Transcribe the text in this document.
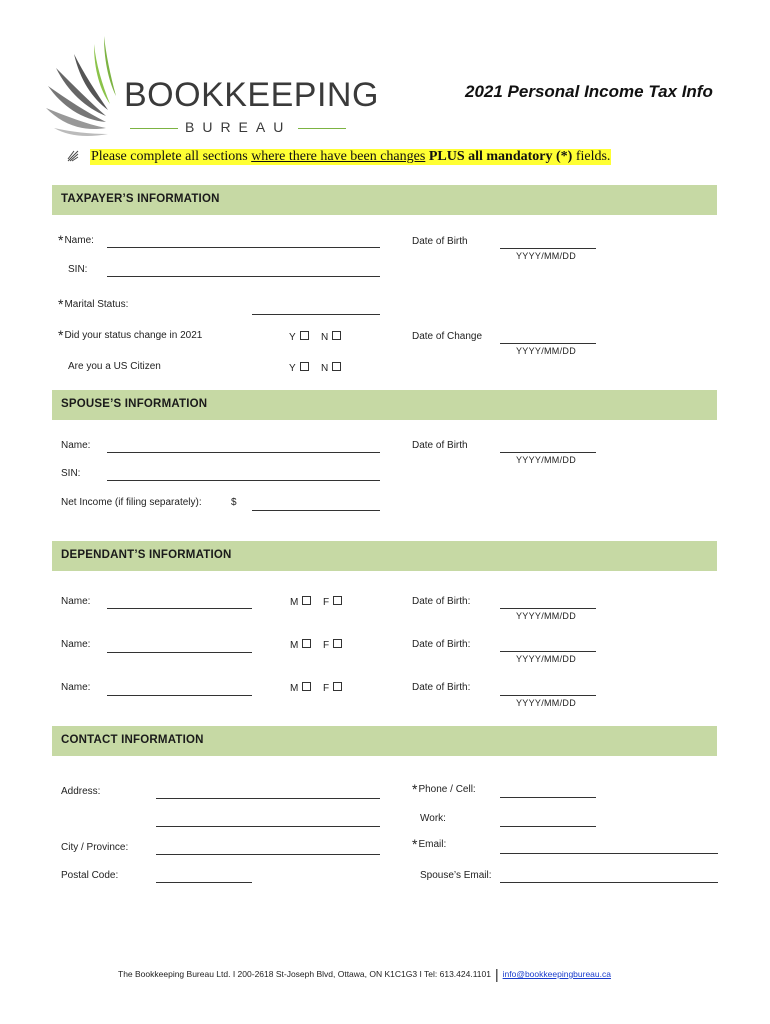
BOOKKEEPING
BUREAU
2021 Personal Income Tax Info
Please complete all sections where there have been changes PLUS all mandatory (*) fields.
TAXPAYER’S INFORMATION
*Name:	Date of Birth
YYYY/MM/DD
SIN:
*Marital Status:
*Did your status change in 2021	Y	N	Date of Change
YYYY/MM/DD
Are you a US Citizen	Y	N
SPOUSE’S INFORMATION
Name:	Date of Birth
YYYY/MM/DD
SIN:
Net Income (if filing separately):	$
DEPENDANT’S INFORMATION
Name:	M	F	Date of Birth:
YYYY/MM/DD
Name:	M	F	Date of Birth:
YYYY/MM/DD
Name:	M	F	Date of Birth:
YYYY/MM/DD
CONTACT INFORMATION
Address:	*Phone / Cell:
Work:
City / Province:	*Email:
Postal Code:	Spouse’s Email:
The Bookkeeping Bureau Ltd. I 200-2618 St-Joseph Blvd, Ottawa, ON K1C1G3 I Tel: 613.424.1101 | info@bookkeepingbureau.ca
